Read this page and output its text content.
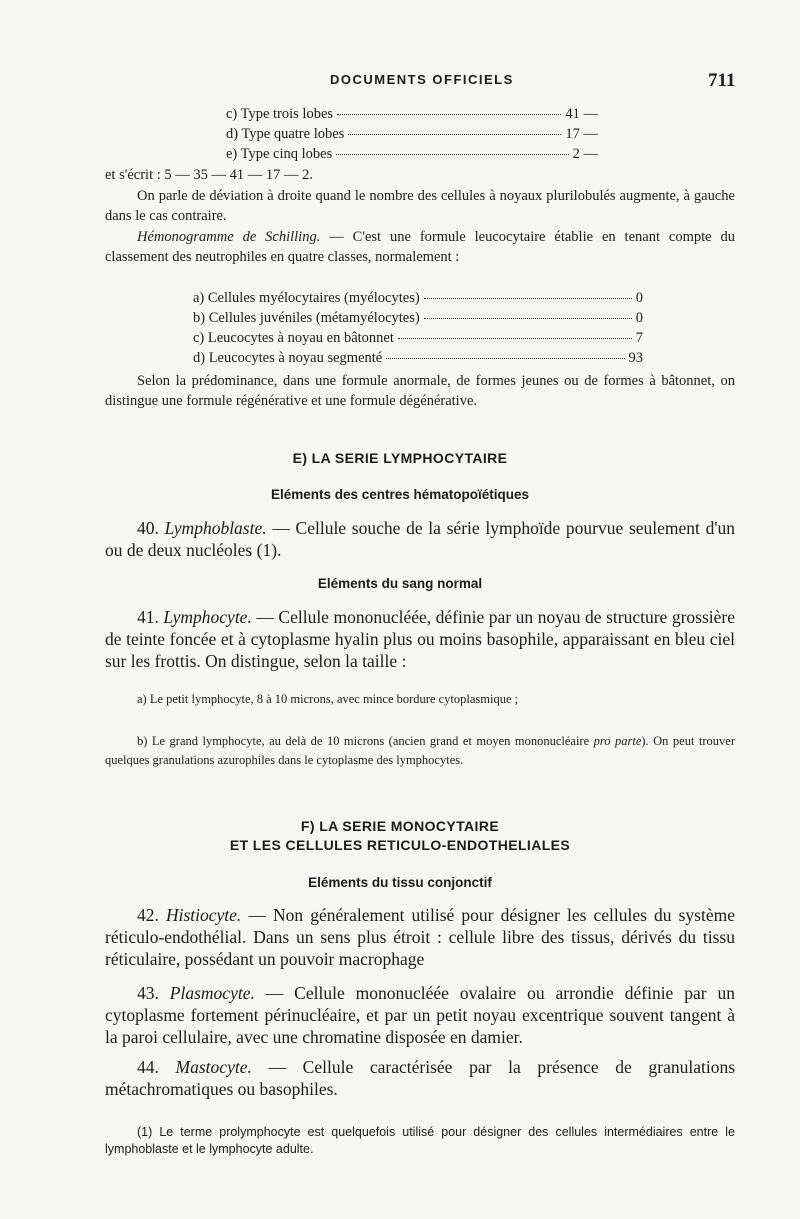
DOCUMENTS OFFICIELS	711
c) Type trois lobes	41 —
d) Type quatre lobes	17 —
e) Type cinq lobes	2 —

et s'écrit : 5 — 35 — 41 — 17 — 2.

On parle de déviation à droite quand le nombre des cellules à noyaux plurilobulés augmente, à gauche dans le cas contraire.

Hémonogramme de Schilling. — C'est une formule leucocytaire établie en tenant compte du classement des neutrophiles en quatre classes, normalement :

a) Cellules myélocytaires (myélocytes)	0
b) Cellules juvéniles (métamyélocytes)	0
c) Leucocytes à noyau en bâtonnet	7
d) Leucocytes à noyau segmenté	93

Selon la prédominance, dans une formule anormale, de formes jeunes ou de formes à bâtonnet, on distingue une formule régénérative et une formule dégénérative.

E) LA SERIE LYMPHOCYTAIRE
Eléments des centres hématopoïétiques

40. Lymphoblaste. — Cellule souche de la série lymphoïde pourvue seulement d'un ou de deux nucléoles (1).

Eléments du sang normal

41. Lymphocyte. — Cellule mononucléée, définie par un noyau de structure grossière de teinte foncée et à cytoplasme hyalin plus ou moins basophile, apparaissant en bleu ciel sur les frottis. On distingue, selon la taille :

a) Le petit lymphocyte, 8 à 10 microns, avec mince bordure cytoplasmique ;

b) Le grand lymphocyte, au delà de 10 microns (ancien grand et moyen mononucléaire pro parte). On peut trouver quelques granulations azurophiles dans le cytoplasme des lymphocytes.

F) LA SERIE MONOCYTAIRE
ET LES CELLULES RETICULO-ENDOTHELIALES
Eléments du tissu conjonctif

42. Histiocyte. — Non généralement utilisé pour désigner les cellules du système réticulo-endothélial. Dans un sens plus étroit : cellule libre des tissus, dérivés du tissu réticulaire, possédant un pouvoir macrophage

43. Plasmocyte. — Cellule mononucléée ovalaire ou arrondie définie par un cytoplasme fortement périnucléaire, et par un petit noyau excentrique souvent tangent à la paroi cellulaire, avec une chromatine disposée en damier.

44. Mastocyte. — Cellule caractérisée par la présence de granulations métachromatiques ou basophiles.

(1) Le terme prolymphocyte est quelquefois utilisé pour désigner des cellules intermédiaires entre le lymphoblaste et le lymphocyte adulte.
